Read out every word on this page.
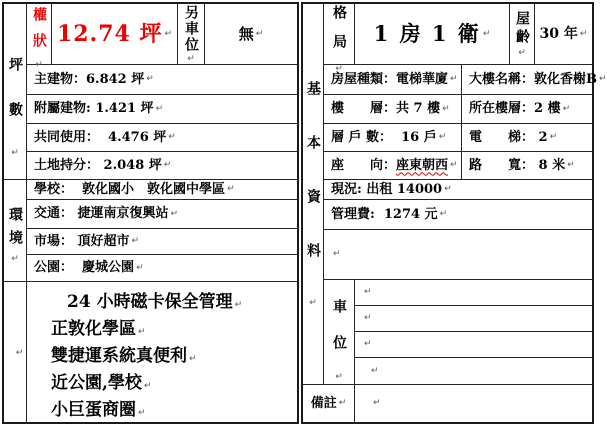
坪數
↵
權狀
↵
12.74 坪 ↵ 另車位
↵
無 ↵
主建物：6.842 坪 ↵
附屬建物: 1.421 坪 ↵
共同使用：  4.476 坪 ↵
土地持分： 2.048 坪 ↵
環境
↵
學校：  敦化國小　敦化國中學區 ↵
交通： 捷運南京復興站 ↵
市場： 頂好超市 ↵
公園：  慶城公園 ↵
↵

24 小時磁卡保全管理 ↵

正敦化學區 ↵

雙捷運系統真便利 ↵

近公園,學校 ↵

小巨蛋商圈 ↵

基本資料
↵
格局
↵
1 房 1 衛 ↵ 屋齡
↵
30 年 ↵
房屋種類：電梯華廈 ↵ 大樓名稱：敦化香榭B ↵
樓　　層：共 7 樓 ↵ 所在樓層：2 樓 ↵
層 戶 數：  16 戶 ↵ 電　　梯： 2 ↵
座　　向： 座東朝西 ↵ 路　　寬： 8 米 ↵
現況: 出租 14000 ↵
管理費:  1274 元 ↵
↵
車位
↵
↵
↵
↵
↵
備註 ↵	↵
